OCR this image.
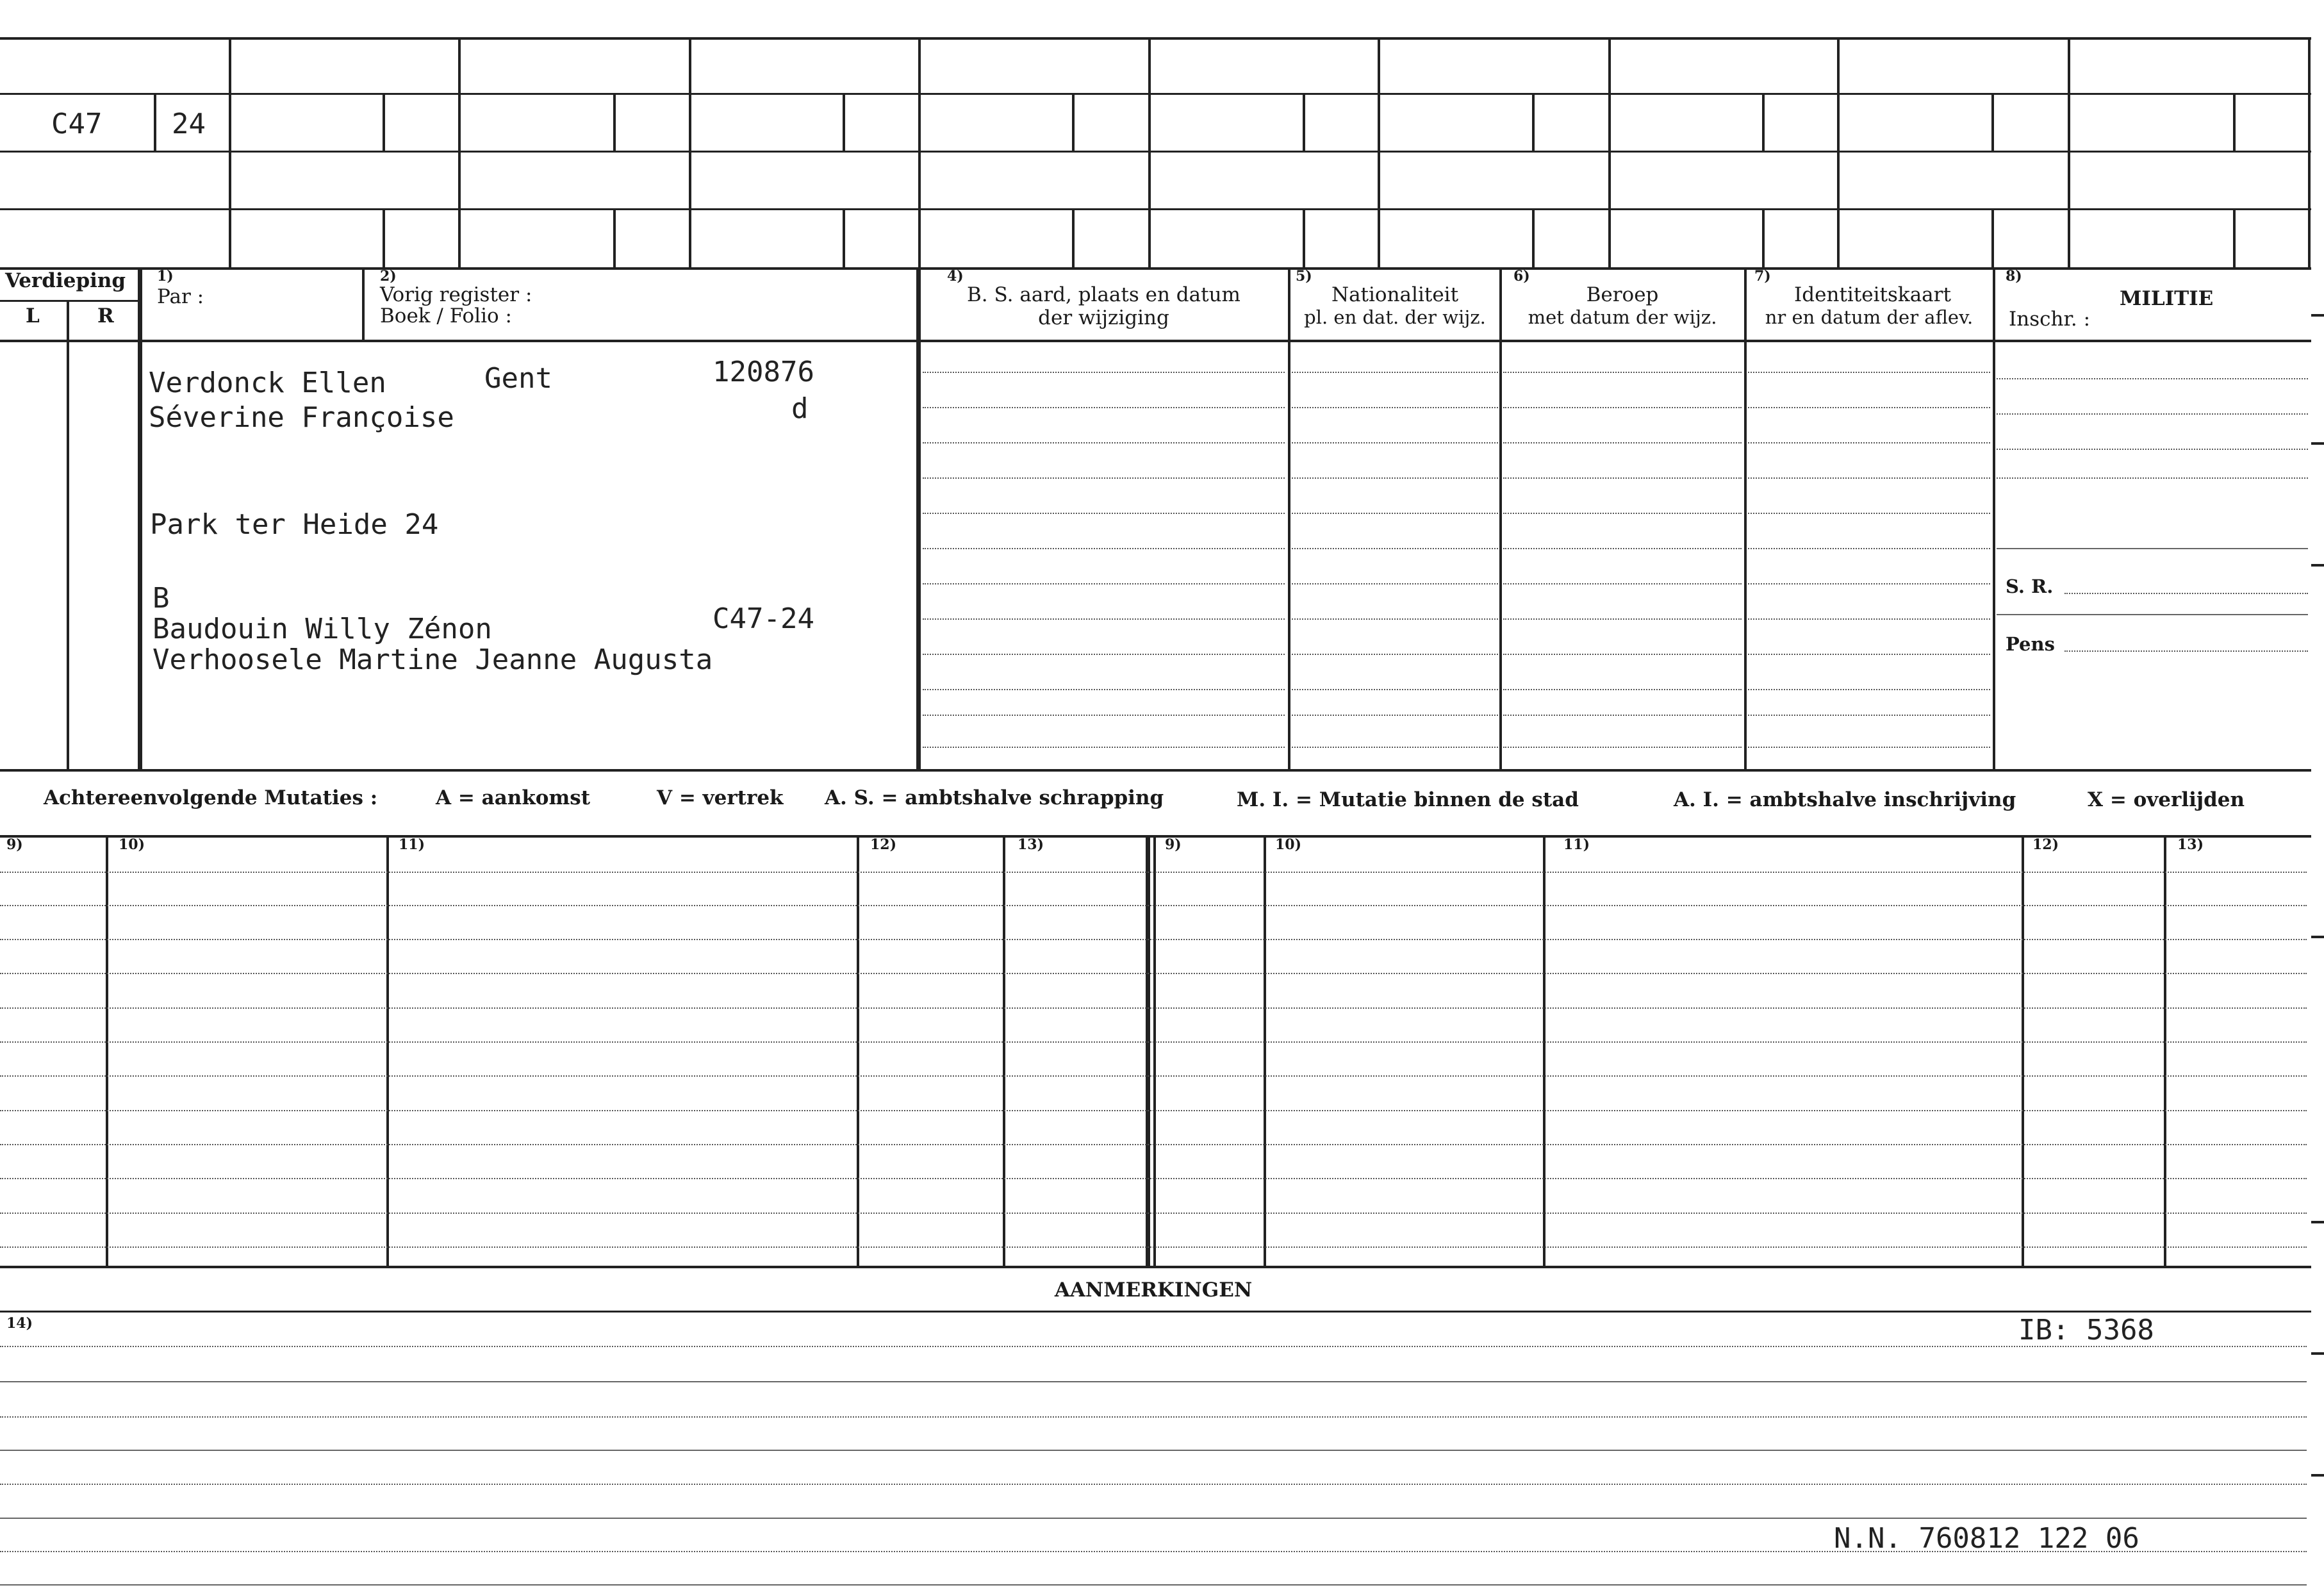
C47 24
Verdieping
L	R
1)
Par :
2)
Vorig register :
Boek / Folio :
4)
B. S. aard, plaats en datum
der wijziging
5)
Nationaliteit
pl. en dat. der wijz.
6)
Beroep
met datum der wijz.
7)
Identiteitskaart
nr en datum der aflev.
8)
MILITIE
Inschr. :
S. R.
Pens
Verdonck Ellen	Gent	120876
d
Séverine Françoise
Park ter Heide 24
B
Baudouin Willy Zénon	C47-24
Verhoosele Martine Jeanne Augusta
Achtereenvolgende Mutaties :	A = aankomst	V = vertrek A. S. = ambtshalve schrapping	M. I. = Mutatie binnen de stad	A. I. = ambtshalve inschrijving	X = overlijden
9)	10)	11)	12)	13)	9)	10)	11)	12)	13)
AANMERKINGEN
14)	IB: 5368
N.N. 760812 122 06
